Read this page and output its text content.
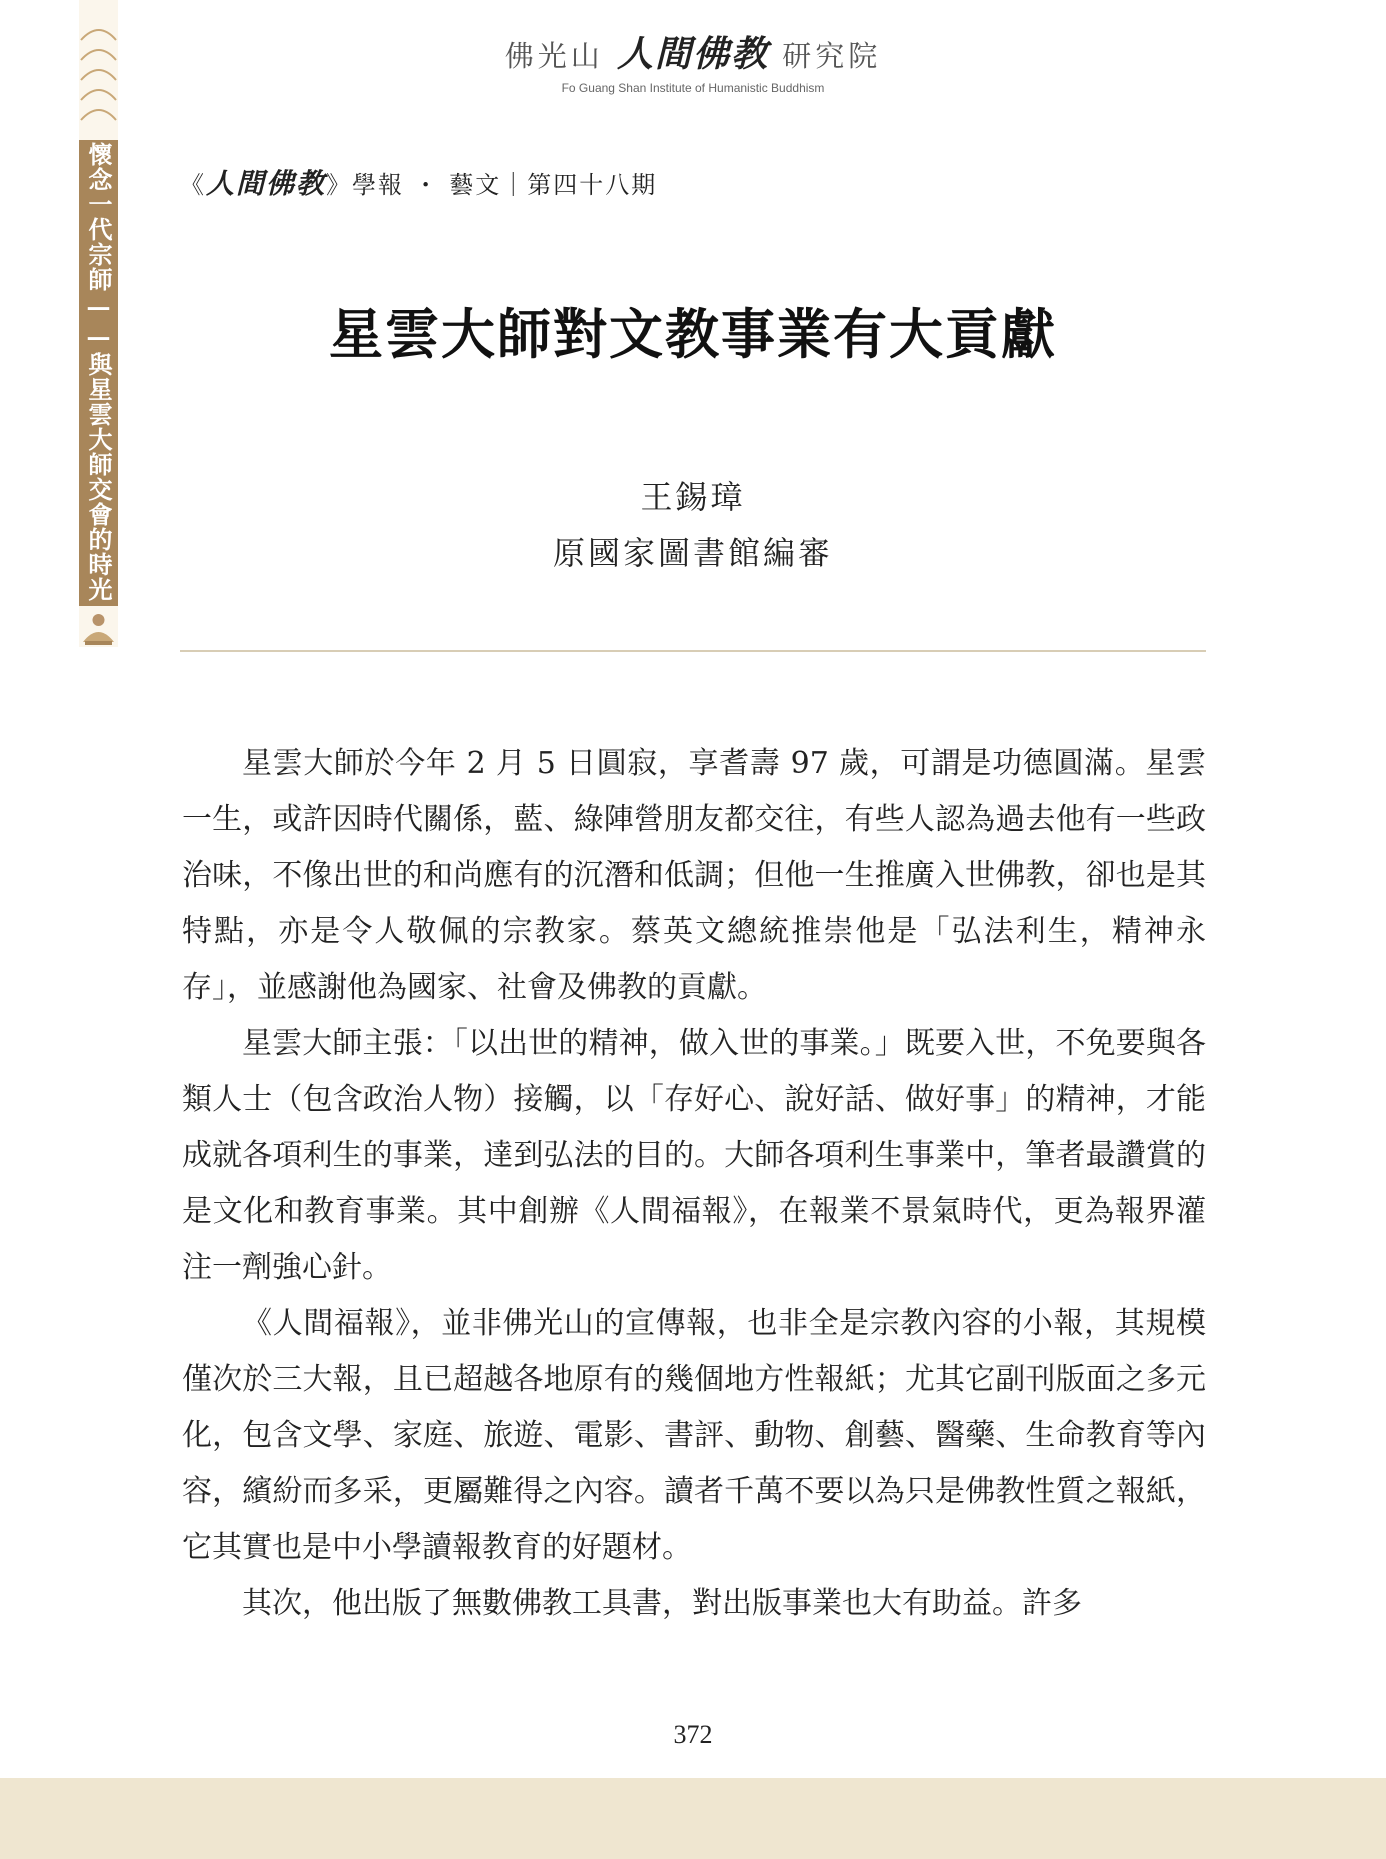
懷念一代宗師——與星雲大師交會的時光
佛光山 人間佛教 研究院
Fo Guang Shan Institute of Humanistic Buddhism
《人間佛教》學報 ・ 藝文｜第四十八期
星雲大師對文教事業有大貢獻
王錫璋
原國家圖書館編審

星雲大師於今年 2 月 5 日圓寂，享耆壽 97 歲，可謂是功德圓滿。星雲一生，或許因時代關係，藍、綠陣營朋友都交往，有些人認為過去他有一些政治味，不像出世的和尚應有的沉潛和低調；但他一生推廣入世佛教，卻也是其特點，亦是令人敬佩的宗教家。蔡英文總統推崇他是「弘法利生，精神永存」，並感謝他為國家、社會及佛教的貢獻。

星雲大師主張：「以出世的精神，做入世的事業。」既要入世，不免要與各類人士（包含政治人物）接觸，以「存好心、說好話、做好事」的精神，才能成就各項利生的事業，達到弘法的目的。大師各項利生事業中，筆者最讚賞的是文化和教育事業。其中創辦《人間福報》，在報業不景氣時代，更為報界灌注一劑強心針。

《人間福報》，並非佛光山的宣傳報，也非全是宗教內容的小報，其規模僅次於三大報，且已超越各地原有的幾個地方性報紙；尤其它副刊版面之多元化，包含文學、家庭、旅遊、電影、書評、動物、創藝、醫藥、生命教育等內容，繽紛而多采，更屬難得之內容。讀者千萬不要以為只是佛教性質之報紙，它其實也是中小學讀報教育的好題材。

其次，他出版了無數佛教工具書，對出版事業也大有助益。許多

372
